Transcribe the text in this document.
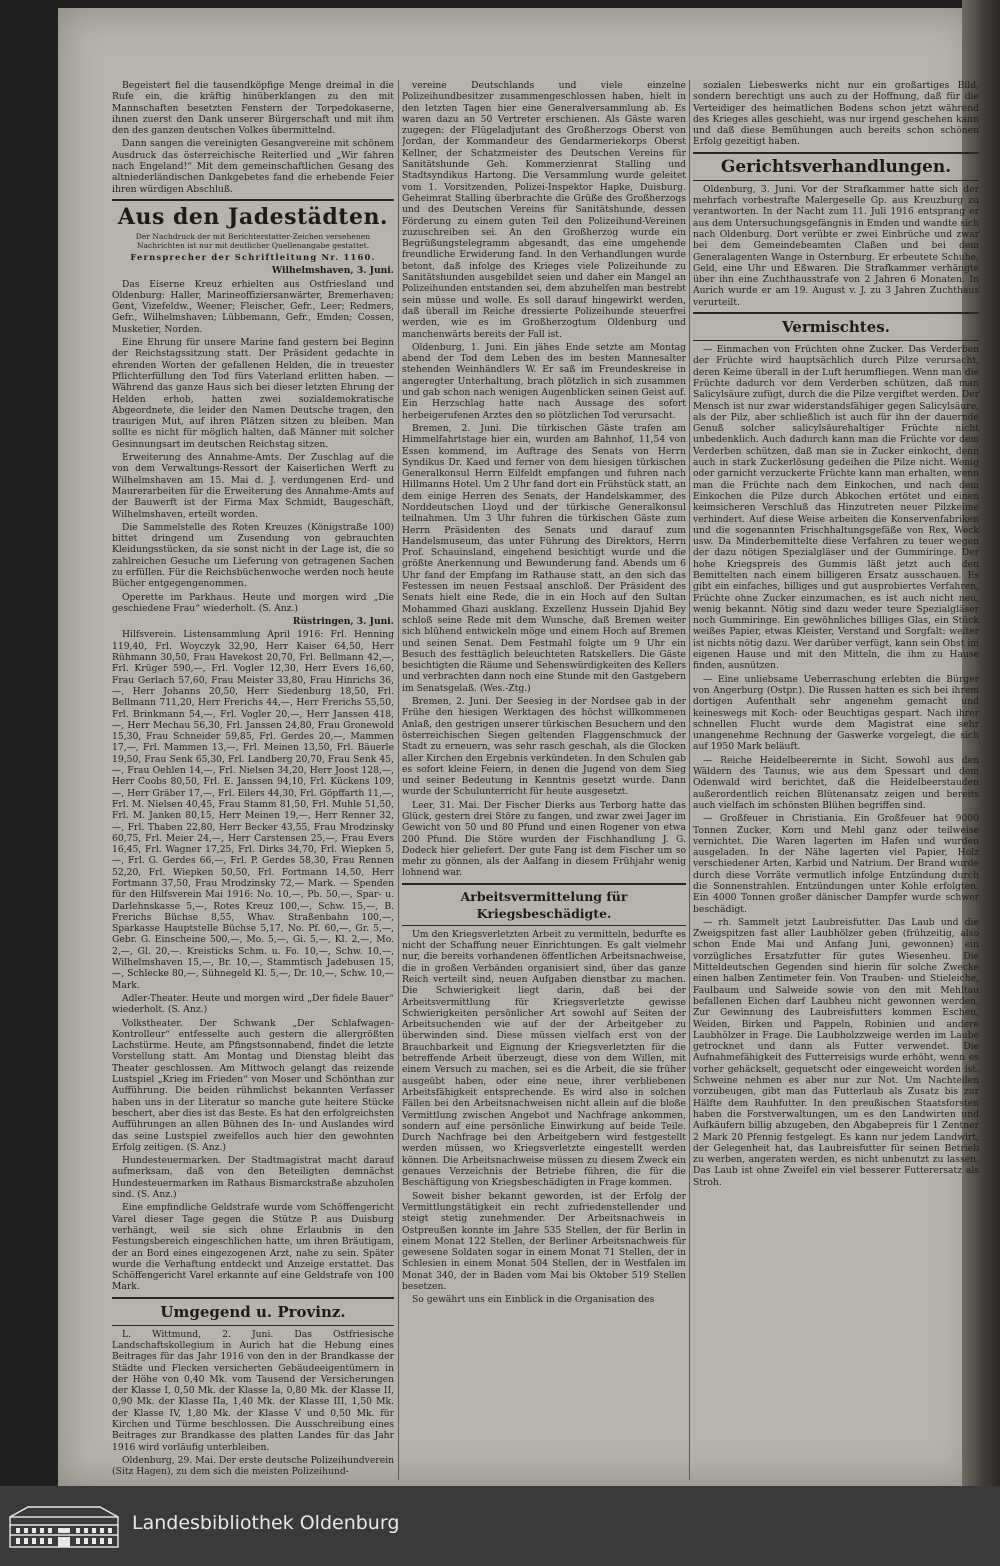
Begeistert fiel die tausendköpfige Menge dreimal in die Rufe ein, die kräftig hinüberklangen zu den mit Mannschaften besetzten Fenstern der Torpedokaserne, ihnen zuerst den Dank unserer Bürgerschaft und mit ihm den des ganzen deutschen Volkes übermittelnd.

Dann sangen die vereinigten Gesangvereine mit schönem Ausdruck das österreichische Reiterlied und „Wir fahren nach Engeland!“ Mit dem gemeinschaftlichen Gesang des altniederländischen Dankgebetes fand die erhebende Feier ihren würdigen Abschluß.

Aus den Jadestädten.

Der Nachdruck der mit Berichterstatter-Zeichen versehenen Nachrichten ist nur mit deutlicher Quellenangabe gestattet.

Fernsprecher der Schriftleitung Nr. 1160.

Wilhelmshaven, 3. Juni.

Das Eiserne Kreuz erhielten aus Ostfriesland und Oldenburg: Haller, Marineoffiziersanwärter, Bremerhaven; Gent, Vizefeldw., Weener; Fleischer, Gefr., Leer; Redmers, Gefr., Wilhelmshaven; Lübbemann, Gefr., Emden; Cossen, Musketier, Norden.

Eine Ehrung für unsere Marine fand gestern bei Beginn der Reichstagssitzung statt. Der Präsident gedachte in ehrenden Worten der gefallenen Helden, die in treuester Pflichterfüllung den Tod fürs Vaterland erlitten haben. — Während das ganze Haus sich bei dieser letzten Ehrung der Helden erhob, hatten zwei sozialdemokratische Abgeordnete, die leider den Namen Deutsche tragen, den traurigen Mut, auf ihren Plätzen sitzen zu bleiben. Man sollte es nicht für möglich halten, daß Männer mit solcher Gesinnungsart im deutschen Reichstag sitzen.

Erweiterung des Annahme-Amts. Der Zuschlag auf die von dem Verwaltungs-Ressort der Kaiserlichen Werft zu Wilhelmshaven am 15. Mai d. J. verdungenen Erd- und Maurerarbeiten für die Erweiterung des Annahme-Amts auf der Bauwerft ist der Firma Max Schmidt, Baugeschäft, Wilhelmshaven, erteilt worden.

Die Sammelstelle des Roten Kreuzes (Königstraße 100) bittet dringend um Zusendung von gebrauchten Kleidungsstücken, da sie sonst nicht in der Lage ist, die so zahlreichen Gesuche um Lieferung von getragenen Sachen zu erfüllen. Für die Reichsbüchenwoche werden noch heute Bücher entgegengenommen.

Operette im Parkhaus. Heute und morgen wird „Die geschiedene Frau“ wiederholt. (S. Anz.)

Rüstringen, 3. Juni.

Hilfsverein. Listensammlung April 1916: Frl. Henning 119,40, Frl. Woyczyk 32,90, Herr Kaiser 64,50, Herr Rühmann 30,50, Frau Havekost 20,70, Frl. Bellmann 42,—, Frl. Krüger 590,—, Frl. Vogler 12,30, Herr Evers 16,60, Frau Gerlach 57,60, Frau Meister 33,80, Frau Hinrichs 36,—, Herr Johanns 20,50, Herr Siedenburg 18,50, Frl. Bellmann 711,20, Herr Frerichs 44,—, Herr Frerichs 55,50, Frl. Brinkmann 54,—, Frl. Vogler 20,—, Herr Janssen 418,—, Herr Mechau 56,30, Frl. Janssen 24,80, Frau Gronewold 15,30, Frau Schneider 59,85, Frl. Gerdes 20,—, Mammen 17,—, Frl. Mammen 13,—, Frl. Meinen 13,50, Frl. Bäuerle 19,50, Frau Senk 65,30, Frl. Landberg 20,70, Frau Senk 45,—, Frau Oehlen 14,—, Frl. Nielsen 34,20, Herr Joost 128,—, Herr Coobs 80,50, Frl. E. Janssen 94,10, Frl. Kückens 109,—, Herr Gräber 17,—, Frl. Eilers 44,30, Frl. Göpffarth 11,—, Frl. M. Nielsen 40,45, Frau Stamm 81,50, Frl. Muhle 51,50, Frl. M. Janken 80,15, Herr Meinen 19,—, Herr Renner 32,—, Frl. Thaben 22,80, Herr Becker 43,55, Frau Mrodzinsky 60,75, Frl. Meier 24,—, Herr Carstensen 25,—, Frau Evers 16,45, Frl. Wagner 17,25, Frl. Dirks 34,70, Frl. Wiepken 5,—, Frl. G. Gerdes 66,—, Frl. P. Gerdes 58,30, Frau Rennen 52,20, Frl. Wiepken 50,50, Frl. Fortmann 14,50, Herr Fortmann 37,50, Frau Mrodzinsky 72,— Mark. — Spenden für den Hilfsverein Mai 1916: No. 10,—, Pb. 50,—, Spar- u. Darlehnskasse 5,—, Rotes Kreuz 100,—, Schw. 15,—, B. Frerichs Büchse 8,55, Whav. Straßenbahn 100,—, Sparkasse Hauptstelle Büchse 5,17, No. Pf. 60,—, Gr. 5,—, Gebr. G. Einscheine 500,—, Mo. 5,—, Gi. 5,—, Kl. 2,—, Mo. 2,—, Gl. 20,—. Kreisticks Schm. u. Fo. 10,—, Schw. 10,—, Wilhelmshaven 15,—, Br. 10,—, Stammtisch Jadebusen 15,—, Schlecke 80,—, Sühnegeld Kl. 5,—, Dr. 10,—, Schw. 10,— Mark.

Adler-Theater. Heute und morgen wird „Der fidele Bauer“ wiederholt. (S. Anz.)

Volkstheater. Der Schwank „Der Schlafwagen-Kontrolleur“ entfesselte auch gestern die allergrößten Lachstürme. Heute, am Pfingstsonnabend, findet die letzte Vorstellung statt. Am Montag und Dienstag bleibt das Theater geschlossen. Am Mittwoch gelangt das reizende Lustspiel „Krieg im Frieden“ von Moser und Schönthan zur Aufführung. Die beiden rühmlichst bekannten Verfasser haben uns in der Literatur so manche gute heitere Stücke beschert, aber dies ist das Beste. Es hat den erfolgreichsten Aufführungen an allen Bühnen des In- und Auslandes wird das seine Lustspiel zweifellos auch hier den gewohnten Erfolg zeitigen. (S. Anz.)

Hundesteuermarken. Der Stadtmagistrat macht darauf aufmerksam, daß von den Beteiligten demnächst Hundesteuermarken im Rathaus Bismarckstraße abzuholen sind. (S. Anz.)

Eine empfindliche Geldstrafe wurde vom Schöffengericht Varel dieser Tage gegen die Stütze P. aus Duisburg verhängt, weil sie sich ohne Erlaubnis in den Festungsbereich eingeschlichen hatte, um ihren Bräutigam, der an Bord eines eingezogenen Arzt, nahe zu sein. Später wurde die Verhaftung entdeckt und Anzeige erstattet. Das Schöffengericht Varel erkannte auf eine Geldstrafe von 100 Mark.

Umgegend u. Provinz.

L. Wittmund, 2. Juni. Das Ostfriesische Landschaftskollegium in Aurich hat die Hebung eines Beitrages für das Jahr 1916 von den in der Brandkasse der Städte und Flecken versicherten Gebäudeeigentümern in der Höhe von 0,40 Mk. vom Tausend der Versicherungen der Klasse I, 0,50 Mk. der Klasse Ia, 0,80 Mk. der Klasse II, 0,90 Mk. der Klasse IIa, 1,40 Mk. der Klasse III, 1,50 Mk. der Klasse IV, 1,80 Mk. der Klasse V und 0,50 Mk. für Kirchen und Türme beschlossen. Die Ausschreibung eines Beitrages zur Brandkasse des platten Landes für das Jahr 1916 wird vorläufig unterbleiben.

Oldenburg, 29. Mai. Der erste deutsche Polizeihundverein (Sitz Hagen), zu dem sich die meisten Polizeihund-

vereine Deutschlands und viele einzelne Polizeihundbesitzer zusammengeschlossen haben, hielt in den letzten Tagen hier eine Generalversammlung ab. Es waren dazu an 50 Vertreter erschienen. Als Gäste waren zugegen: der Flügeladjutant des Großherzogs Oberst von Jordan, der Kommandeur des Gendarmeriekorps Oberst Kellner, der Schatzmeister des Deutschen Vereins für Sanitätshunde Geh. Kommerzienrat Stalling und Stadtsyndikus Hartong. Die Versammlung wurde geleitet vom 1. Vorsitzenden, Polizei-Inspektor Hapke, Duisburg. Geheimrat Stalling überbrachte die Grüße des Großherzogs und des Deutschen Vereins für Sanitätshunde, dessen Förderung zu einem guten Teil den Polizeihund-Vereinen zuzuschreiben sei. An den Großherzog wurde ein Begrüßungstelegramm abgesandt, das eine umgehende freundliche Erwiderung fand. In den Verhandlungen wurde betont, daß infolge des Krieges viele Polizeihunde zu Sanitätshunden ausgebildet seien und daher ein Mangel an Polizeihunden entstanden sei, dem abzuhelfen man bestrebt sein müsse und wolle. Es soll darauf hingewirkt werden, daß überall im Reiche dressierte Polizeihunde steuerfrei werden, wie es im Großherzogtum Oldenburg und manchenwärts bereits der Fall ist.

Oldenburg, 1. Juni. Ein jähes Ende setzte am Montag abend der Tod dem Leben des im besten Mannesalter stehenden Weinhändlers W. Er saß im Freundeskreise in angeregter Unterhaltung, brach plötzlich in sich zusammen und gab schon nach wenigen Augenblicken seinen Geist auf. Ein Herzschlag hatte nach Aussage des sofort herbeigerufenen Arztes den so plötzlichen Tod verursacht.

Bremen, 2. Juni. Die türkischen Gäste trafen am Himmelfahrtstage hier ein, wurden am Bahnhof, 11,54 von Essen kommend, im Auftrage des Senats von Herrn Syndikus Dr. Kaed und ferner von dem hiesigen türkischen Generalkonsul Herrn Eilfeldt empfangen und fuhren nach Hillmanns Hotel. Um 2 Uhr fand dort ein Frühstück statt, an dem einige Herren des Senats, der Handelskammer, des Norddeutschen Lloyd und der türkische Generalkonsul teilnahmen. Um 3 Uhr fuhren die türkischen Gäste zum Herrn Präsidenten des Senats und darauf zum Handelsmuseum, das unter Führung des Direktors, Herrn Prof. Schauinsland, eingehend besichtigt wurde und die größte Anerkennung und Bewunderung fand. Abends um 6 Uhr fand der Empfang im Rathause statt, an den sich das Festessen im neuen Festsaal anschloß. Der Präsident des Senats hielt eine Rede, die in ein Hoch auf den Sultan Mohammed Ghazi ausklang. Exzellenz Hussein Djahid Bey schloß seine Rede mit dem Wunsche, daß Bremen weiter sich blühend entwickeln möge und einem Hoch auf Bremen und seinen Senat. Dem Festmahl folgte um 9 Uhr ein Besuch des festtäglich beleuchteten Ratskellers. Die Gäste besichtigten die Räume und Sehenswürdigkeiten des Kellers und verbrachten dann noch eine Stunde mit den Gastgebern im Senatsgelaß. (Wes.-Ztg.)

Bremen, 2. Juni. Der Seesieg in der Nordsee gab in der Frühe den hiesigen Werktagen des höchst willkommenen Anlaß, den gestrigen unserer türkischen Besuchern und den österreichischen Siegen geltenden Flaggenschmuck der Stadt zu erneuern, was sehr rasch geschah, als die Glocken aller Kirchen den Ergebnis verkündeten. In den Schulen gab es sofort kleine Feiern, in denen die Jugend von dem Sieg und seiner Bedeutung in Kenntnis gesetzt wurde. Dann wurde der Schulunterricht für heute ausgesetzt.

Leer, 31. Mai. Der Fischer Dierks aus Terborg hatte das Glück, gestern drei Störe zu fangen, und zwar zwei Jager im Gewicht von 50 und 80 Pfund und einen Rogener von etwa 200 Pfund. Die Störe wurden der Fischhandlung J. G. Dodeck hier geliefert. Der gute Fang ist dem Fischer um so mehr zu gönnen, als der Aalfang in diesem Frühjahr wenig lohnend war.

Arbeitsvermittelung für Kriegsbeschädigte.

Um den Kriegsverletzten Arbeit zu vermitteln, bedurfte es nicht der Schaffung neuer Einrichtungen. Es galt vielmehr nur, die bereits vorhandenen öffentlichen Arbeitsnachweise, die in großen Verbänden organisiert sind, über das ganze Reich verteilt sind, neuen Aufgaben dienstbar zu machen. Die Schwierigkeit liegt darin, daß bei der Arbeitsvermittlung für Kriegsverletzte gewisse Schwierigkeiten persönlicher Art sowohl auf Seiten der Arbeitsuchenden wie auf der der Arbeitgeber zu überwinden sind. Diese müssen vielfach erst von der Brauchbarkeit und Eignung der Kriegsverletzten für die betreffende Arbeit überzeugt, diese von dem Willen, mit einem Versuch zu machen, sei es die Arbeit, die sie früher ausgeübt haben, oder eine neue, ihrer verbliebenen Arbeitsfähigkeit entsprechende. Es wird also in solchen Fällen bei den Arbeitsnachweisen nicht allein auf die bloße Vermittlung zwischen Angebot und Nachfrage ankommen, sondern auf eine persönliche Einwirkung auf beide Teile. Durch Nachfrage bei den Arbeitgebern wird festgestellt werden müssen, wo Kriegsverletzte eingestellt werden können. Die Arbeitsnachweise müssen zu diesem Zweck ein genaues Verzeichnis der Betriebe führen, die für die Beschäftigung von Kriegsbeschädigten in Frage kommen.

Soweit bisher bekannt geworden, ist der Erfolg der Vermittlungstätigkeit ein recht zufriedenstellender und steigt stetig zunehmender. Der Arbeitsnachweis in Ostpreußen konnte im Jahre 535 Stellen, der für Berlin in einem Monat 122 Stellen, der Berliner Arbeitsnachweis für gewesene Soldaten sogar in einem Monat 71 Stellen, der in Schlesien in einem Monat 504 Stellen, der in Westfalen im Monat 340, der in Baden vom Mai bis Oktober 519 Stellen besetzen.

So gewährt uns ein Einblick in die Organisation des

sozialen Liebeswerks nicht nur ein großartiges Bild, sondern berechtigt uns auch zu der Hoffnung, daß für die Verteidiger des heimatlichen Bodens schon jetzt während des Krieges alles geschieht, was nur irgend geschehen kann und daß diese Bemühungen auch bereits schon schönen Erfolg gezeitigt haben.

Gerichtsverhandlungen.

Oldenburg, 3. Juni. Vor der Strafkammer hatte sich der mehrfach vorbestrafte Malergeselle Gp. aus Kreuzburg zu verantworten. In der Nacht zum 11. Juli 1916 entsprang er aus dem Untersuchungsgefängnis in Emden und wandte sich nach Oldenburg. Dort verübte er zwei Einbrüche und zwar bei dem Gemeindebeamten Claßen und bei dem Generalagenten Wange in Osternburg. Er erbeutete Schuhe, Geld, eine Uhr und Eßwaren. Die Strafkammer verhängte über ihn eine Zuchthausstrafe von 2 Jahren 6 Monaten. In Aurich wurde er am 19. August v. J. zu 3 Jahren Zuchthaus verurteilt.

Vermischtes.

— Einmachen von Früchten ohne Zucker. Das Verderben der Früchte wird hauptsächlich durch Pilze verursacht, deren Keime überall in der Luft herumfliegen. Wenn man die Früchte dadurch vor dem Verderben schützen, daß man Salicylsäure zufügt, durch die die Pilze vergiftet werden. Der Mensch ist nur zwar widerstandsfähiger gegen Salicylsäure, als der Pilz, aber schließlich ist auch für ihn der dauernde Genuß solcher salicylsäurehaltiger Früchte nicht unbedenklich. Auch dadurch kann man die Früchte vor dem Verderben schützen, daß man sie in Zucker einkocht, denn auch in stark Zuckerlösung gedeihen die Pilze nicht. Wenig oder garnicht verzuckerte Früchte kann man erhalten, wenn man die Früchte nach dem Einkochen, und nach dem Einkochen die Pilze durch Abkochen ertötet und einen keimsicheren Verschluß das Hinzutreten neuer Pilzkeime verhindert. Auf diese Weise arbeiten die Konservenfabriken und die sogenannten Frischhaltungsgefäße von Rex, Weck usw. Da Minderbemittelte diese Verfahren zu teuer wegen der dazu nötigen Spezialgläser und der Gummiringe. Der hohe Kriegspreis des Gummis läßt jetzt auch den Bemittelten nach einem billigeren Ersatz ausschauen. Es gibt ein einfaches, billiges und gut ausprobiertes Verfahren, Früchte ohne Zucker einzumachen, es ist auch nicht neu, wenig bekannt. Nötig sind dazu weder teure Spezialgläser noch Gummiringe. Ein gewöhnliches billiges Glas, ein Stück weißes Papier, etwas Kleister, Verstand und Sorgfalt: weiter ist nichts nötig dazu. Wer darüber verfügt, kann sein Obst im eigenen Hause und mit den Mitteln, die ihm zu Hause finden, ausnützen.

— Eine unliebsame Ueberraschung erlebten die Bürger von Angerburg (Ostpr.). Die Russen hatten es sich bei ihrem dortigen Aufenthalt sehr angenehm gemacht und keineswegs mit Koch- oder Beuchtigas gespart. Nach ihrer schnellen Flucht wurde dem Magistrat eine sehr unangenehme Rechnung der Gaswerke vorgelegt, die sich auf 1950 Mark beläuft.

— Reiche Heidelbeerernte in Sicht. Sowohl aus den Wäldern des Taunus, wie aus dem Spessart und dem Odenwald wird berichtet, daß die Heidelbeerstauden außerordentlich reichen Blütenansatz zeigen und bereits auch vielfach im schönsten Blühen begriffen sind.

— Großfeuer in Christiania. Ein Großfeuer hat 9000 Tonnen Zucker, Korn und Mehl ganz oder teilweise vernichtet. Die Waren lagerten im Hafen und wurden ausgeladen. In der Nähe lagerten viel Papier, Holz verschiedener Arten, Karbid und Natrium. Der Brand wurde durch diese Vorräte vermutlich infolge Entzündung durch die Sonnenstrahlen. Entzündungen unter Kohle erfolgten. Ein 4000 Tonnen großer dänischer Dampfer wurde schwer beschädigt.

— rh. Sammelt jetzt Laubreisfutter. Das Laub und die Zweigspitzen fast aller Laubhölzer geben (frühzeitig, also schon Ende Mai und Anfang Juni, gewonnen) ein vorzügliches Ersatzfutter für gutes Wiesenheu. Die Mitteldeutschen Gegenden sind hierin für solche Zwecke einen halben Zentimeter fein. Von Trauben- und Stieleiche, Faulbaum und Salweide sowie von den mit Mehltau befallenen Eichen darf Laubheu nicht gewonnen werden. Zur Gewinnung des Laubreisfutters kommen Eschen, Weiden, Birken und Pappeln, Robinien und andere Laubhölzer in Frage. Die Laubholzzweige werden im Laube getrocknet und dann als Futter verwendet. Die Aufnahmefähigkeit des Futterreisigs wurde erhöht, wenn es vorher gehäckselt, gequetscht oder eingeweicht worden ist. Schweine nehmen es aber nur zur Not. Um Nachteilen vorzubeugen, gibt man das Futterlaub als Zusatz bis zur Hälfte dem Rauhfutter. In den preußischen Staatsforsten haben die Forstverwaltungen, um es den Landwirten und Aufkäufern billig abzugeben, den Abgabepreis für 1 Zentner 2 Mark 20 Pfennig festgelegt. Es kann nur jedem Landwirt, der Gelegenheit hat, das Laubreisfutter für seinen Betrieb zu werben, angeraten werden, es nicht unbenutzt zu lassen. Das Laub ist ohne Zweifel ein viel besserer Futterersatz als Stroh.

Landesbibliothek Oldenburg
